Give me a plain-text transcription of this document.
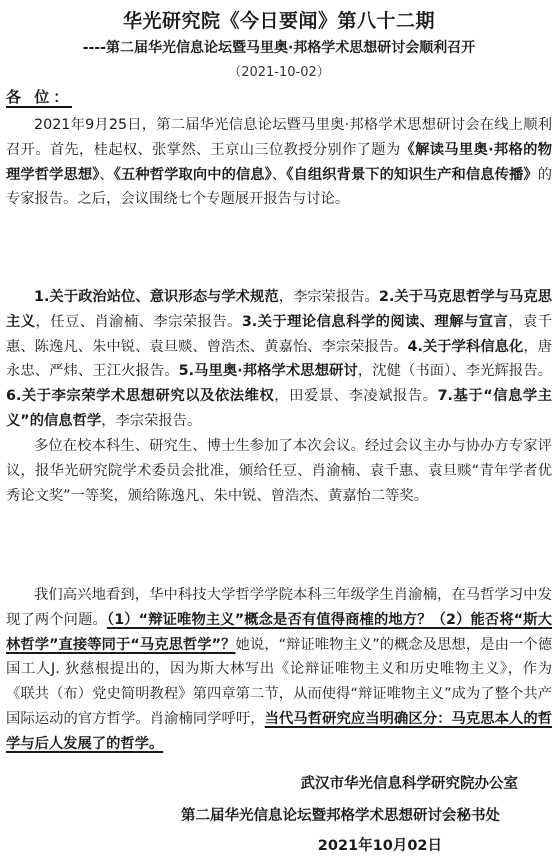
华光研究院《今日要闻》第八十二期
----第二届华光信息论坛暨马里奥·邦格学术思想研讨会顺利召开
（2021-10-02）
各 位：
2021年9月25日，第二届华光信息论坛暨马里奥·邦格学术思想研讨会在线上顺利召开。首先，桂起权、张掌然、王京山三位教授分别作了题为《解读马里奥·邦格的物理学哲学思想》、《五种哲学取向中的信息》、《自组织背景下的知识生产和信息传播》的专家报告。之后，会议围绕七个专题展开报告与讨论。
1.关于政治站位、意识形态与学术规范，李宗荣报告。2.关于马克思哲学与马克思主义，任豆、肖渝楠、李宗荣报告。3.关于理论信息科学的阅读、理解与宣言，袁千惠、陈逸凡、朱中锐、袁旦赕、曾浩杰、黄嘉怡、李宗荣报告。4.关于学科信息化，唐永忠、严炜、王江火报告。5.马里奥·邦格学术思想研讨，沈健（书面）、李光辉报告。6.关于李宗荣学术思想研究以及依法维权，田爱景、李凌斌报告。7.基于“信息学主义”的信息哲学，李宗荣报告。
多位在校本科生、研究生、博士生参加了本次会议。经过会议主办与协办方专家评议，报华光研究院学术委员会批准，颁给任豆、肖渝楠、袁千惠、袁旦赕“青年学者优秀论文奖”一等奖，颁给陈逸凡、朱中锐、曾浩杰、黄嘉怡二等奖。
我们高兴地看到，华中科技大学哲学学院本科三年级学生肖渝楠，在马哲学习中发现了两个问题。（1）“辩证唯物主义”概念是否有值得商榷的地方？（2）能否将“斯大林哲学”直接等同于“马克思哲学”？她说，“辩证唯物主义”的概念及思想，是由一个德国工人J. 狄慈根提出的，因为斯大林写出《论辩证唯物主义和历史唯物主义》，作为《联共（布）党史简明教程》第四章第二节，从而使得“辩证唯物主义”成为了整个共产国际运动的官方哲学。肖渝楠同学呼吁，当代马哲研究应当明确区分：马克思本人的哲学与后人发展了的哲学。
武汉市华光信息科学研究院办公室
第二届华光信息论坛暨邦格学术思想研讨会秘书处
2021年10月02日
